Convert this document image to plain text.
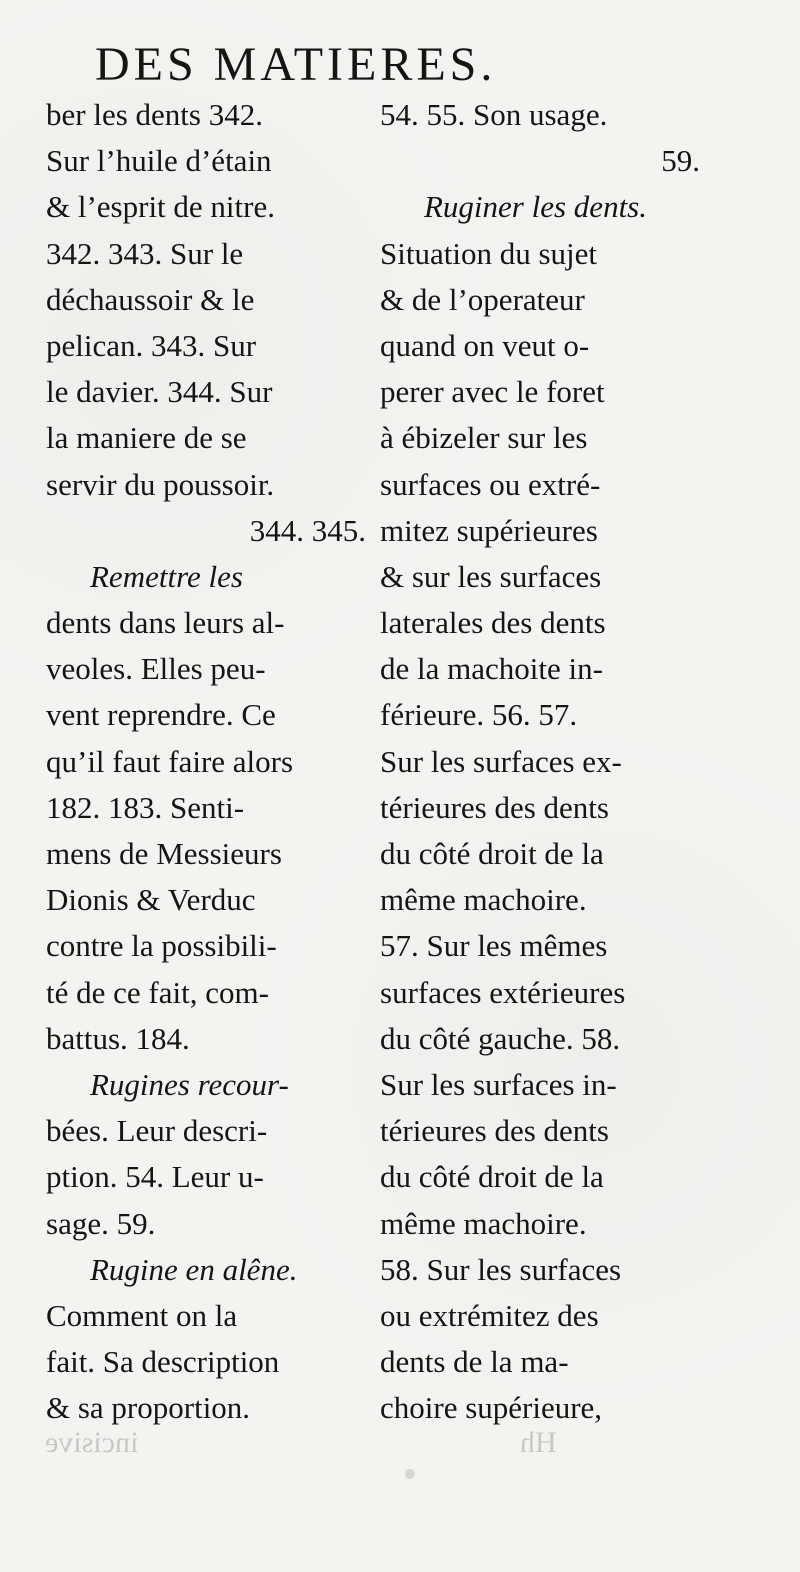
DES MATIERES.
ber les dents 342.
Sur l’huile d’étain
& l’esprit de nitre.
342. 343. Sur le
déchaussoir & le
pelican. 343. Sur
le davier. 344. Sur
la maniere de se
servir du poussoir.
344. 345.
Remettre les
dents dans leurs al-
veoles. Elles peu-
vent reprendre. Ce
qu’il faut faire alors
182. 183. Senti-
mens de Messieurs
Dionis & Verduc
contre la possibili-
té de ce fait, com-
battus. 184.
Rugines recour-
bées. Leur descri-
ption. 54. Leur u-
sage. 59.
Rugine en alêne.
Comment on la
fait. Sa description
& sa proportion.
54. 55. Son usage.
59.
Ruginer les dents.
Situation du sujet
& de l’operateur
quand on veut o-
perer avec le foret
à ébizeler sur les
surfaces ou extré-
mitez supérieures
& sur les surfaces
laterales des dents
de la machoite in-
férieure. 56. 57.
Sur les surfaces ex-
térieures des dents
du côté droit de la
même machoire.
57. Sur les mêmes
surfaces extérieures
du côté gauche. 58.
Sur les surfaces in-
térieures des dents
du côté droit de la
même machoire.
58. Sur les surfaces
ou extrémitez des
dents de la ma-
choire supérieure,
incisive	Hh
